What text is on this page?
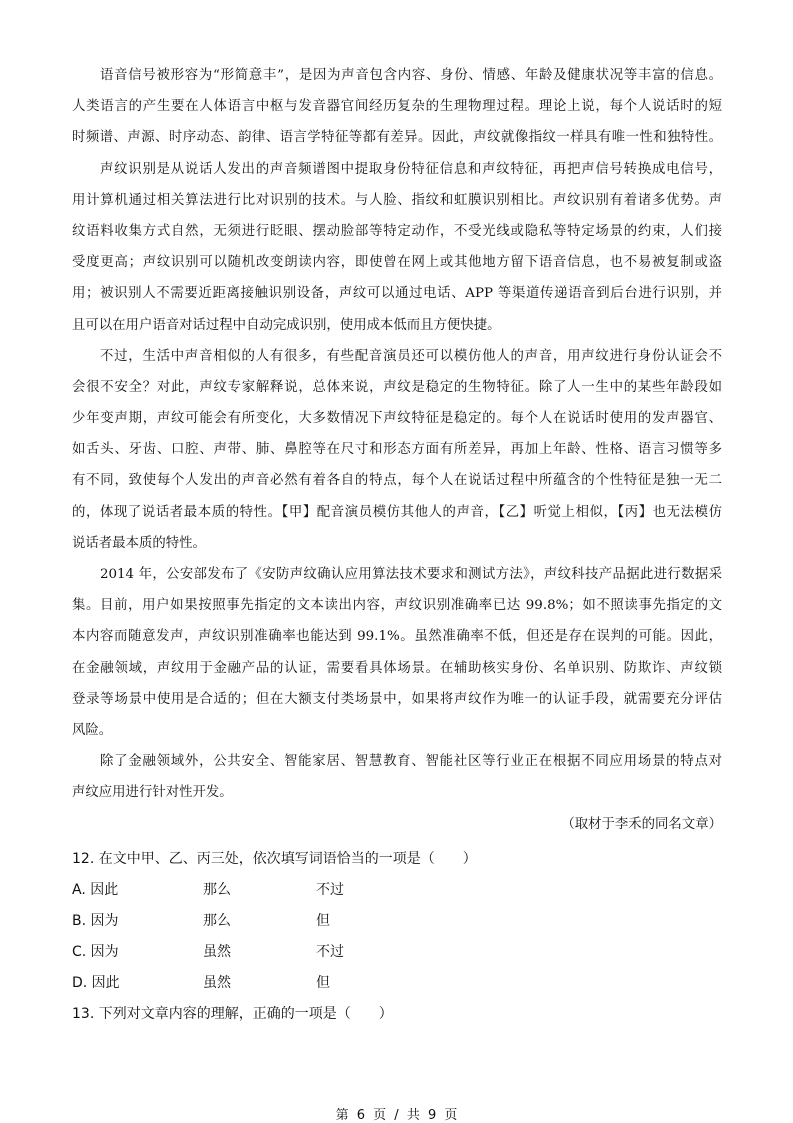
语音信号被形容为“形简意丰”，是因为声音包含内容、身份、情感、年龄及健康状况等丰富的信息。
人类语言的产生要在人体语言中枢与发音器官间经历复杂的生理物理过程。理论上说，每个人说话时的短
时频谱、声源、时序动态、韵律、语言学特征等都有差异。因此，声纹就像指纹一样具有唯一性和独特性。
声纹识别是从说话人发出的声音频谱图中提取身份特征信息和声纹特征，再把声信号转换成电信号，
用计算机通过相关算法进行比对识别的技术。与人脸、指纹和虹膜识别相比。声纹识别有着诸多优势。声
纹语料收集方式自然，无须进行眨眼、摆动脸部等特定动作，不受光线或隐私等特定场景的约束，人们接
受度更高；声纹识别可以随机改变朗读内容，即使曾在网上或其他地方留下语音信息，也不易被复制或盗
用；被识别人不需要近距离接触识别设备，声纹可以通过电话、APP 等渠道传递语音到后台进行识别，并
且可以在用户语音对话过程中自动完成识别，使用成本低而且方便快捷。
不过，生活中声音相似的人有很多，有些配音演员还可以模仿他人的声音，用声纹进行身份认证会不
会很不安全？对此，声纹专家解释说，总体来说，声纹是稳定的生物特征。除了人一生中的某些年龄段如
少年变声期，声纹可能会有所变化，大多数情况下声纹特征是稳定的。每个人在说话时使用的发声器官、
如舌头、牙齿、口腔、声带、肺、鼻腔等在尺寸和形态方面有所差异，再加上年龄、性格、语言习惯等多
有不同，致使每个人发出的声音必然有着各自的特点，每个人在说话过程中所蕴含的个性特征是独一无二
的，体现了说话者最本质的特性。【甲】配音演员模仿其他人的声音，【乙】听觉上相似，【丙】也无法模仿
说话者最本质的特性。
2014 年，公安部发布了《安防声纹确认应用算法技术要求和测试方法》，声纹科技产品据此进行数据采
集。目前，用户如果按照事先指定的文本读出内容，声纹识别准确率已达 99.8%；如不照读事先指定的文
本内容而随意发声，声纹识别准确率也能达到 99.1%。虽然准确率不低，但还是存在误判的可能。因此，
在金融领域，声纹用于金融产品的认证，需要看具体场景。在辅助核实身份、名单识别、防欺诈、声纹锁
登录等场景中使用是合适的；但在大额支付类场景中，如果将声纹作为唯一的认证手段，就需要充分评估
风险。
除了金融领域外，公共安全、智能家居、智慧教育、智能社区等行业正在根据不同应用场景的特点对
声纹应用进行针对性开发。
（取材于李禾的同名文章）
12. 在文中甲、乙、丙三处，依次填写词语恰当的一项是（　　）
A. 因此	那么	不过
B. 因为	那么	但
C. 因为	虽然	不过
D. 因此	虽然	但
13. 下列对文章内容的理解，正确的一项是（　　）
第 6 页 / 共 9 页
